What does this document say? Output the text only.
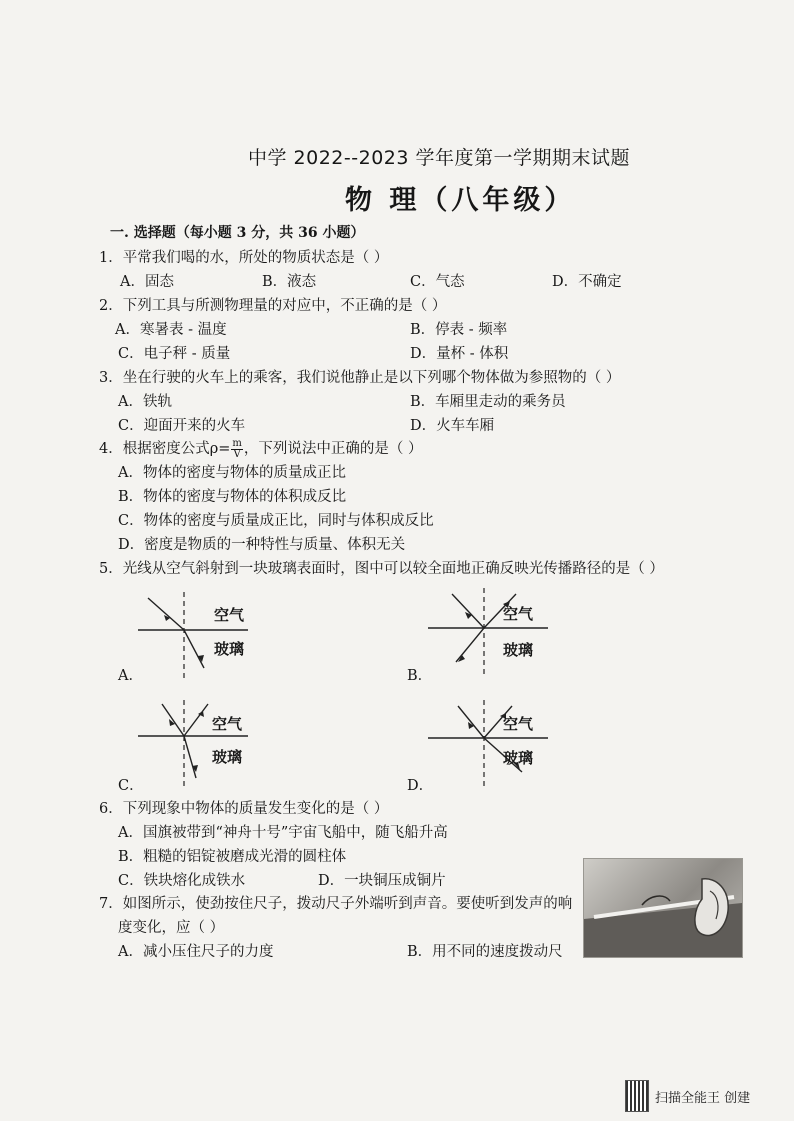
中学 2022--2023 学年度第一学期期末试题
物 理（八年级）
一. 选择题（每小题 3 分，共 36 小题）
1．平常我们喝的水，所处的物质状态是（ ）
A．固态	B．液态	C．气态	D．不确定
2．下列工具与所测物理量的对应中，不正确的是（ ）
A．寒暑表 - 温度	B．停表 - 频率
C．电子秤 - 质量	D．量杯 - 体积
3．坐在行驶的火车上的乘客，我们说他静止是以下列哪个物体做为参照物的（ ）
A．铁轨	B．车厢里走动的乘务员
C．迎面开来的火车	D．火车车厢
4．根据密度公式$\rho= \frac{m}{V}$ ，下列说法中正确的是（ ）
A．物体的密度与物体的质量成正比
B．物体的密度与物体的体积成反比
C．物体的密度与质量成正比，同时与体积成反比
D．密度是物质的一种特性与质量、体积无关
5．光线从空气斜射到一块玻璃表面时，图中可以较全面地正确反映光传播路径的是（ ）
空气
玻璃
A．
空气
玻璃
B．
空气
玻璃
C．
空气
玻璃
D．
6．下列现象中物体的质量发生变化的是（ ）
A．国旗被带到“神舟十号”宇宙飞船中，随飞船升高
B．粗糙的铝锭被磨成光滑的圆柱体
C．铁块熔化成铁水	D．一块铜压成铜片
7．如图所示，使劲按住尺子，拨动尺子外端听到声音。要使听到发声的响
度变化，应（ ）
A．减小压住尺子的力度	B．用不同的速度拨动尺
扫描全能王 创建
